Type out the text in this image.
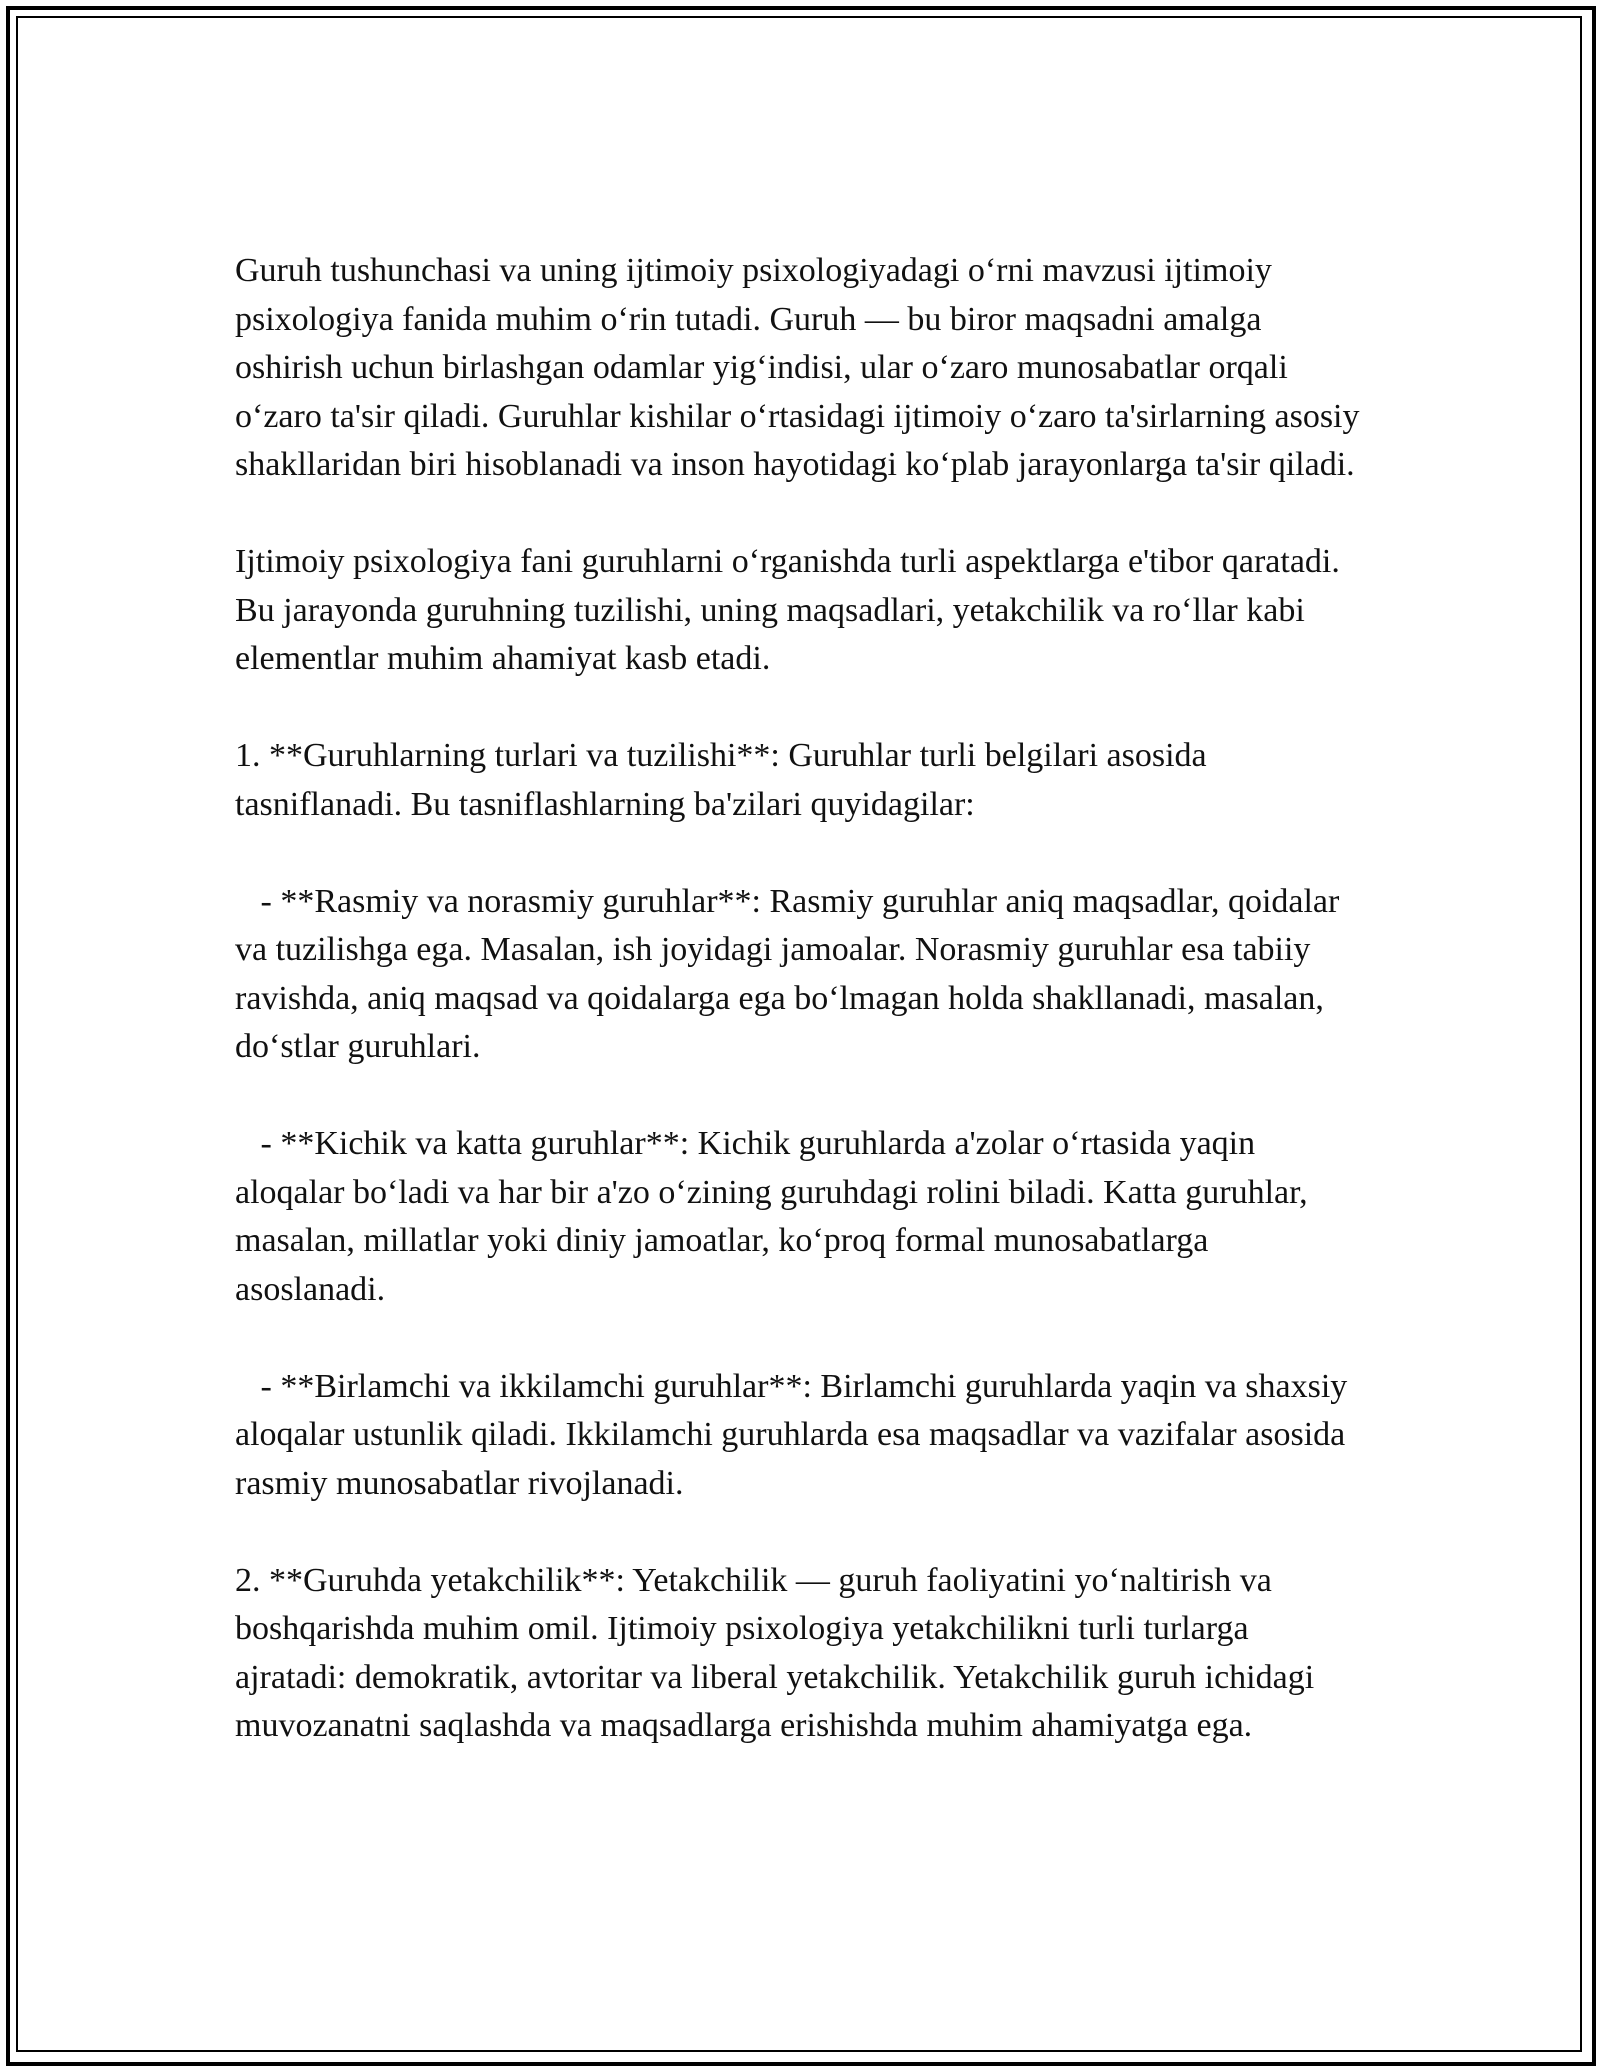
Guruh tushunchasi va uning ijtimoiy psixologiyadagi o‘rni mavzusi ijtimoiy psixologiya fanida muhim o‘rin tutadi. Guruh — bu biror maqsadni amalga oshirish uchun birlashgan odamlar yig‘indisi, ular o‘zaro munosabatlar orqali o‘zaro ta'sir qiladi. Guruhlar kishilar o‘rtasidagi ijtimoiy o‘zaro ta'sirlarning asosiy shakllaridan biri hisoblanadi va inson hayotidagi ko‘plab jarayonlarga ta'sir qiladi.

Ijtimoiy psixologiya fani guruhlarni o‘rganishda turli aspektlarga e'tibor qaratadi. Bu jarayonda guruhning tuzilishi, uning maqsadlari, yetakchilik va ro‘llar kabi elementlar muhim ahamiyat kasb etadi.

1. **Guruhlarning turlari va tuzilishi**: Guruhlar turli belgilari asosida tasniflanadi. Bu tasniflashlarning ba'zilari quyidagilar:

- **Rasmiy va norasmiy guruhlar**: Rasmiy guruhlar aniq maqsadlar, qoidalar va tuzilishga ega. Masalan, ish joyidagi jamoalar. Norasmiy guruhlar esa tabiiy ravishda, aniq maqsad va qoidalarga ega bo‘lmagan holda shakllanadi, masalan, do‘stlar guruhlari.

- **Kichik va katta guruhlar**: Kichik guruhlarda a'zolar o‘rtasida yaqin aloqalar bo‘ladi va har bir a'zo o‘zining guruhdagi rolini biladi. Katta guruhlar, masalan, millatlar yoki diniy jamoatlar, ko‘proq formal munosabatlarga asoslanadi.

- **Birlamchi va ikkilamchi guruhlar**: Birlamchi guruhlarda yaqin va shaxsiy aloqalar ustunlik qiladi. Ikkilamchi guruhlarda esa maqsadlar va vazifalar asosida rasmiy munosabatlar rivojlanadi.

2. **Guruhda yetakchilik**: Yetakchilik — guruh faoliyatini yo‘naltirish va boshqarishda muhim omil. Ijtimoiy psixologiya yetakchilikni turli turlarga ajratadi: demokratik, avtoritar va liberal yetakchilik. Yetakchilik guruh ichidagi muvozanatni saqlashda va maqsadlarga erishishda muhim ahamiyatga ega.
